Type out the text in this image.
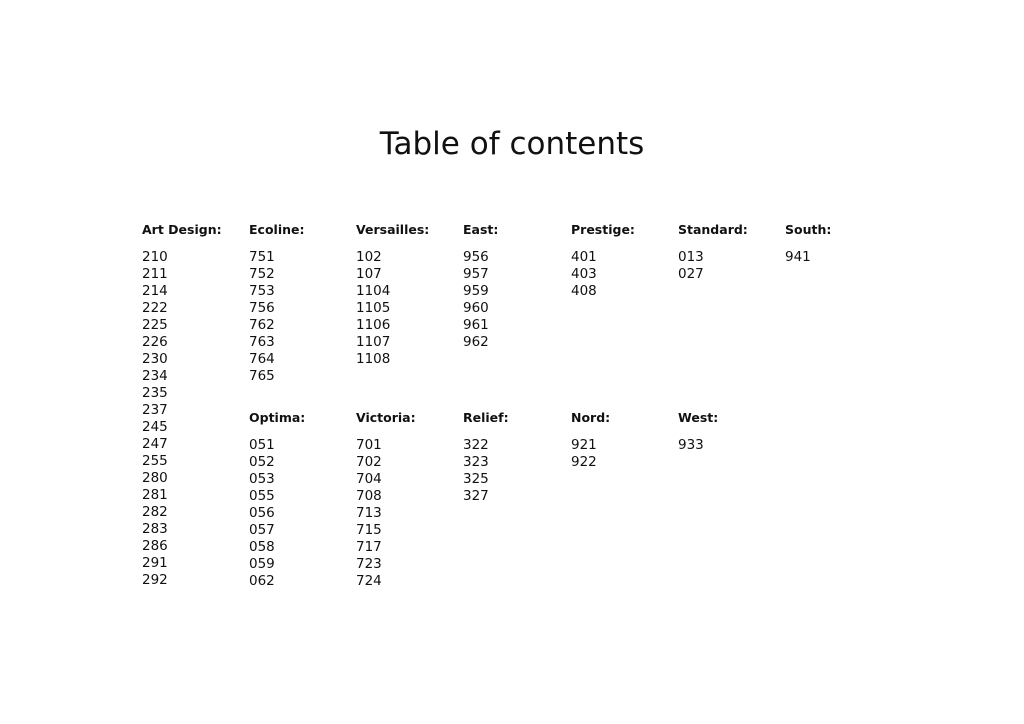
Table of contents
Art Design:
210
211
214
222
225
226
230
234
235
237
245
247
255
280
281
282
283
286
291
292
Ecoline:
751
752
753
756
762
763
764
765
Versailles:
102
107
1104
1105
1106
1107
1108
East:
956
957
959
960
961
962
Prestige:
401
403
408
Standard:
013
027
South:
941
Optima:
051
052
053
055
056
057
058
059
062
Victoria:
701
702
704
708
713
715
717
723
724
Relief:
322
323
325
327
Nord:
921
922
West:
933
